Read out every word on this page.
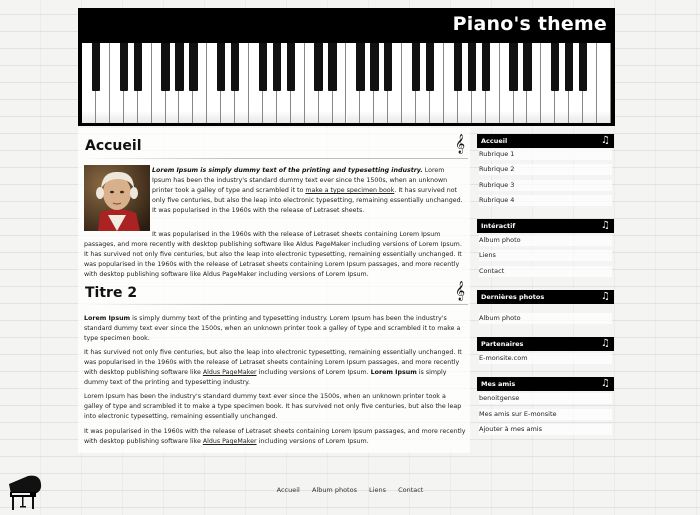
Piano's theme
Accueil	𝄞
Lorem Ipsum is simply dummy text of the printing and typesetting industry. Lorem Ipsum has been the industry's standard dummy text ever since the 1500s, when an unknown printer took a galley of type and scrambled it to make a type specimen book. It has survived not only five centuries, but also the leap into electronic typesetting, remaining essentially unchanged. It was popularised in the 1960s with the release of Letraset sheets.
It was popularised in the 1960s with the release of Letraset sheets containing Lorem Ipsum passages, and more recently with desktop publishing software like Aldus PageMaker including versions of Lorem Ipsum. It has survived not only five centuries, but also the leap into electronic typesetting, remaining essentially unchanged. It was popularised in the 1960s with the release of Letraset sheets containing Lorem Ipsum passages, and more recently with desktop publishing software like Aldus PageMaker including versions of Lorem Ipsum.
Titre 2	𝄞
Lorem Ipsum is simply dummy text of the printing and typesetting industry. Lorem Ipsum has been the industry's standard dummy text ever since the 1500s, when an unknown printer took a galley of type and scrambled it to make a type specimen book.
It has survived not only five centuries, but also the leap into electronic typesetting, remaining essentially unchanged. It was popularised in the 1960s with the release of Letraset sheets containing Lorem Ipsum passages, and more recently with desktop publishing software like Aldus PageMaker including versions of Lorem Ipsum. Lorem Ipsum is simply dummy text of the printing and typesetting industry.
Lorem Ipsum has been the industry's standard dummy text ever since the 1500s, when an unknown printer took a galley of type and scrambled it to make a type specimen book. It has survived not only five centuries, but also the leap into electronic typesetting, remaining essentially unchanged.
It was popularised in the 1960s with the release of Letraset sheets containing Lorem Ipsum passages, and more recently with desktop publishing software like Aldus PageMaker including versions of Lorem Ipsum.
Accueil	♫
Rubrique 1
Rubrique 2
Rubrique 3
Rubrique 4
Intéractif	♫
Album photo
Liens
Contact
Dernières photos	♫
Album photo
Partenaires	♫
E-monsite.com
Mes amis	♫
benoitgense
Mes amis sur E-monsite
Ajouter à mes amis
Accueil Album photos Liens Contact
